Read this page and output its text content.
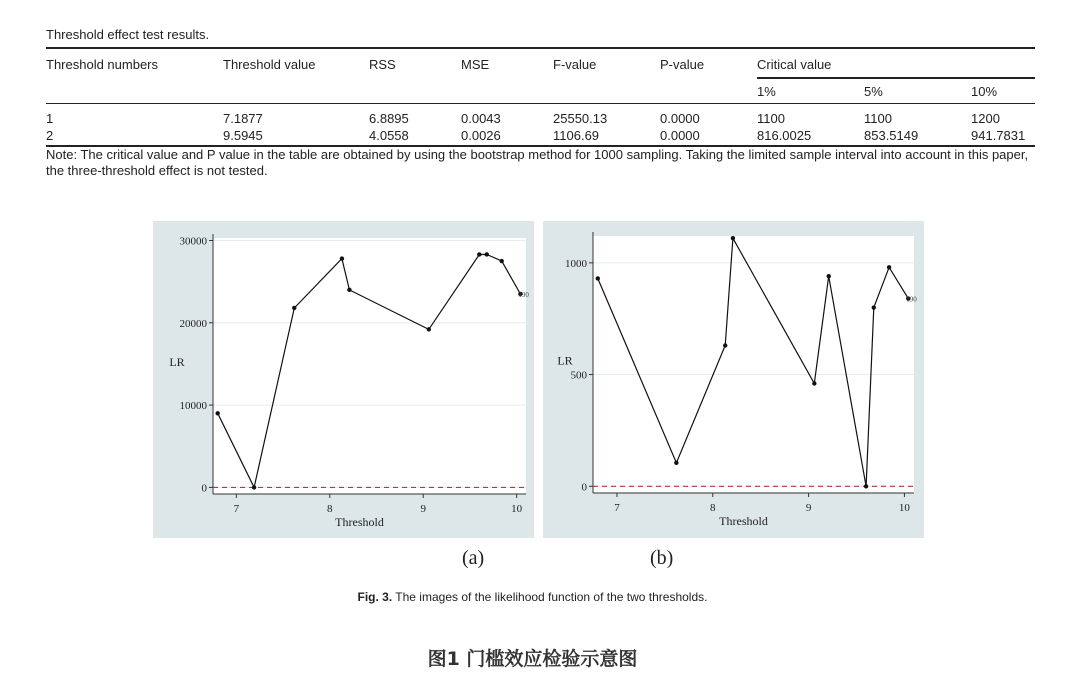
Threshold effect test results.
Threshold numbers	Threshold value	RSS	MSE	F-value	P-value	Critical value		
						1%	5%	10%
1	7.1877	6.8895	0.0043	25550.13	0.0000	1100	1100	1200
2	9.5945	4.0558	0.0026	1106.69	0.0000	816.0025	853.5149	941.7831
Note: The critical value and P value in the table are obtained by using the bootstrap method for 1000 sampling. Taking the limited sample interval into account in this paper, the three-threshold effect is not tested.
0
10000
20000
30000
7	8	9	10
Threshold
LR
190
0
500
1000
7	8	9	10
Threshold
LR
190
(a)	(b)
Fig. 3. The images of the likelihood function of the two thresholds.
图1 门槛效应检验示意图
